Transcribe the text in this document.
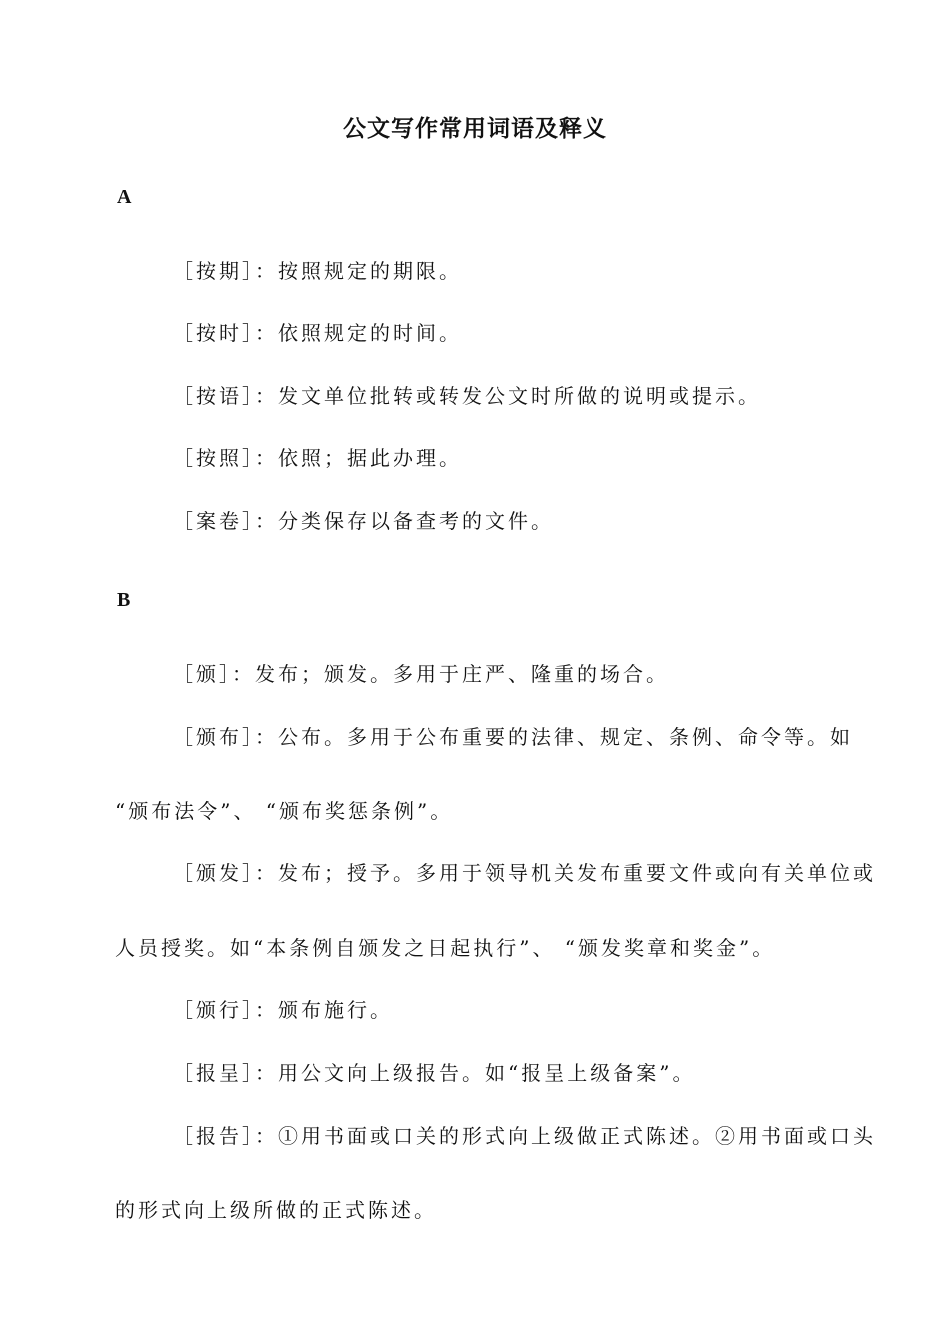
公文写作常用词语及释义
A
［按期］：按照规定的期限。
［按时］：依照规定的时间。
［按语］：发文单位批转或转发公文时所做的说明或提示。
［按照］：依照；据此办理。
［案卷］：分类保存以备查考的文件。
B
［颁］：发布；颁发。多用于庄严、隆重的场合。
［颁布］：公布。多用于公布重要的法律、规定、条例、命令等。如
“颁布法令”、 “颁布奖惩条例”。
［颁发］：发布；授予。多用于领导机关发布重要文件或向有关单位或
人员授奖。如“本条例自颁发之日起执行”、 “颁发奖章和奖金”。
［颁行］：颁布施行。
［报呈］：用公文向上级报告。如“报呈上级备案”。
［报告］：①用书面或口关的形式向上级做正式陈述。②用书面或口头
的形式向上级所做的正式陈述。
